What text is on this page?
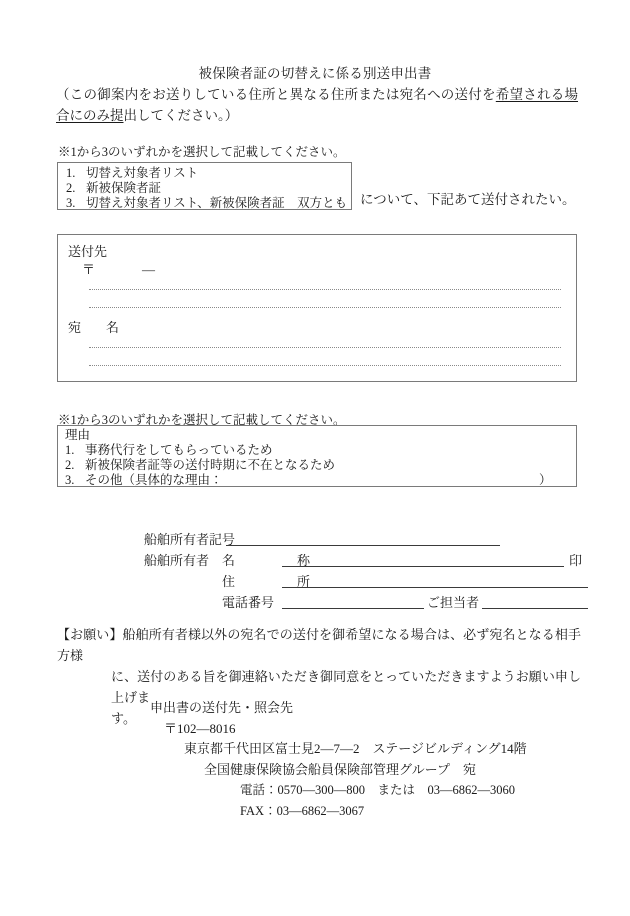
被保険者証の切替えに係る別送申出書
（この御案内をお送りしている住所と異なる住所または宛名への送付を希望される場合にのみ提出してください。）
※1から3のいずれかを選択して記載してください。
1. 切替え対象者リスト
2. 新被保険者証
3. 切替え対象者リスト、新被保険者証　双方とも について、下記あて送付されたい。
送付先
〒	—
宛　名
※1から3のいずれかを選択して記載してください。
理由
1. 事務代行をしてもらっているため
2. 新被保険者証等の送付時期に不在となるため
3. その他（具体的な理由：	）
船舶所有者記号
船舶所有者 名　　称	印
住　　所
電話番号	ご担当者
【お願い】船舶所有者様以外の宛名での送付を御希望になる場合は、必ず宛名となる相手方様
に、送付のある旨を御連絡いただき御同意をとっていただきますようお願い申し上げま
す。
申出書の送付先・照会先
〒102—8016
東京都千代田区富士見2—7—2　ステージビルディング14階
全国健康保険協会船員保険部管理グループ　宛
電話：0570—300—800　または　03—6862—3060
FAX：03—6862—3067
